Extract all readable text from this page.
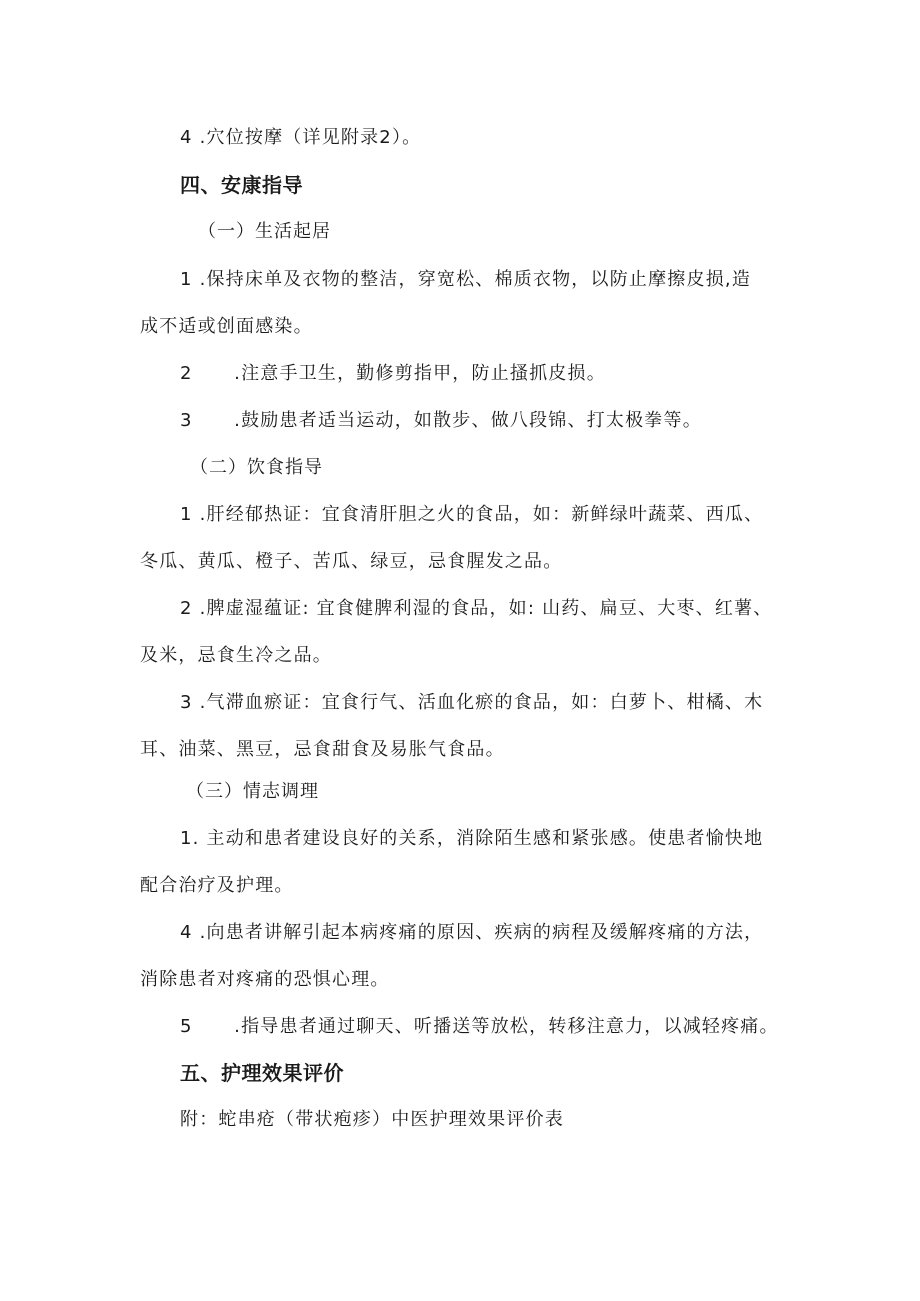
4 .穴位按摩（详见附录2）。

四、安康指导

（一）生活起居

1 .保持床单及衣物的整洁，穿宽松、棉质衣物，以防止摩擦皮损,造

成不适或创面感染。

2      .注意手卫生，勤修剪指甲，防止搔抓皮损。

3      .鼓励患者适当运动，如散步、做八段锦、打太极拳等。

（二）饮食指导

1 .肝经郁热证：宜食清肝胆之火的食品，如：新鲜绿叶蔬菜、西瓜、

冬瓜、黄瓜、橙子、苦瓜、绿豆，忌食腥发之品。

2 .脾虚湿蕴证: 宜食健脾利湿的食品，如: 山药、扁豆、大枣、红薯、

及米，忌食生冷之品。

3 .气滞血瘀证：宜食行气、活血化瘀的食品，如：白萝卜、柑橘、木

耳、油菜、黑豆，忌食甜食及易胀气食品。

（三）情志调理

1. 主动和患者建设良好的关系，消除陌生感和紧张感。使患者愉快地

配合治疗及护理。

4 .向患者讲解引起本病疼痛的原因、疾病的病程及缓解疼痛的方法，

消除患者对疼痛的恐惧心理。

5      .指导患者通过聊天、听播送等放松，转移注意力，以减轻疼痛。

五、护理效果评价

附：蛇串疮（带状疱疹）中医护理效果评价表
